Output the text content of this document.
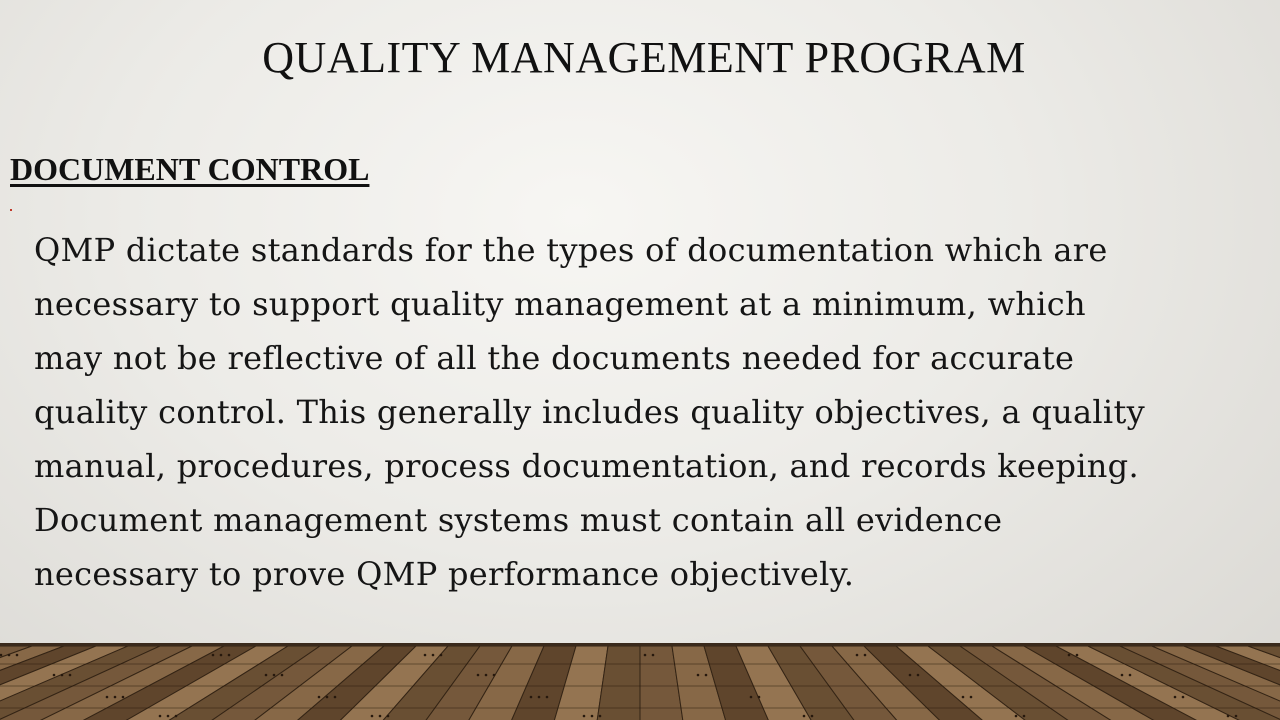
QUALITY MANAGEMENT PROGRAM
DOCUMENT CONTROL

QMP dictate standards for the types of documentation which are
necessary to support quality management at a minimum, which
may not be reflective of all the documents needed for accurate
quality control. This generally includes quality objectives, a quality
manual, procedures, process documentation, and records keeping.
Document management systems must contain all evidence
necessary to prove QMP performance objectively.
